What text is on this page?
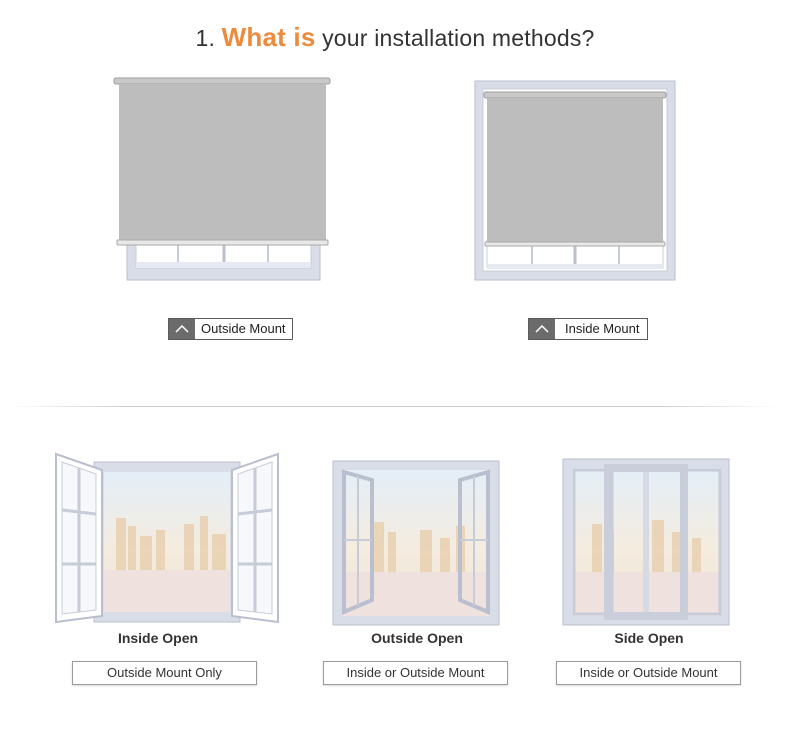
1. What is your installation methods?
Outside Mount	Inside Mount
Inside Open	Outside Open	Side Open
Outside Mount Only	Inside or Outside Mount	Inside or Outside Mount
